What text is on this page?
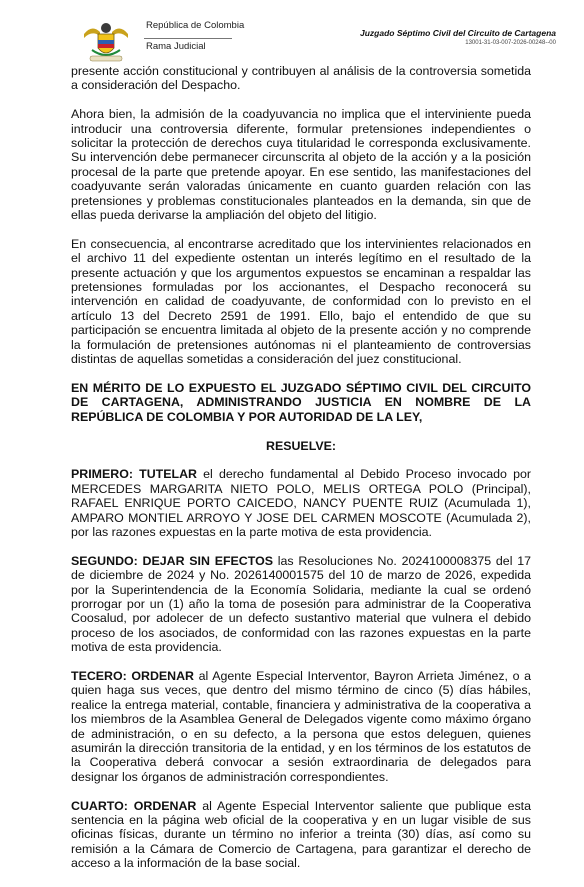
República de Colombia
Rama Judicial
Juzgado Séptimo Civil del Circuito de Cartagena
13001-31-03-007-2026-00248--00

presente acción constitucional y contribuyen al análisis de la controversia sometida a consideración del Despacho.

Ahora bien, la admisión de la coadyuvancia no implica que el interviniente pueda introducir una controversia diferente, formular pretensiones independientes o solicitar la protección de derechos cuya titularidad le corresponda exclusivamente. Su intervención debe permanecer circunscrita al objeto de la acción y a la posición procesal de la parte que pretende apoyar. En ese sentido, las manifestaciones del coadyuvante serán valoradas únicamente en cuanto guarden relación con las pretensiones y problemas constitucionales planteados en la demanda, sin que de ellas pueda derivarse la ampliación del objeto del litigio.

En consecuencia, al encontrarse acreditado que los intervinientes relacionados en el archivo 11 del expediente ostentan un interés legítimo en el resultado de la presente actuación y que los argumentos expuestos se encaminan a respaldar las pretensiones formuladas por los accionantes, el Despacho reconocerá su intervención en calidad de coadyuvante, de conformidad con lo previsto en el artículo 13 del Decreto 2591 de 1991. Ello, bajo el entendido de que su participación se encuentra limitada al objeto de la presente acción y no comprende la formulación de pretensiones autónomas ni el planteamiento de controversias distintas de aquellas sometidas a consideración del juez constitucional.

EN MÉRITO DE LO EXPUESTO EL JUZGADO SÉPTIMO CIVIL DEL CIRCUITO DE CARTAGENA, ADMINISTRANDO JUSTICIA EN NOMBRE DE LA REPÚBLICA DE COLOMBIA Y POR AUTORIDAD DE LA LEY,

RESUELVE:

PRIMERO: TUTELAR el derecho fundamental al Debido Proceso invocado por MERCEDES MARGARITA NIETO POLO, MELIS ORTEGA POLO (Principal), RAFAEL ENRIQUE PORTO CAICEDO, NANCY PUENTE RUIZ (Acumulada 1), AMPARO MONTIEL ARROYO Y JOSE DEL CARMEN MOSCOTE (Acumulada 2), por las razones expuestas en la parte motiva de esta providencia.

SEGUNDO: DEJAR SIN EFECTOS las Resoluciones No. 2024100008375 del 17 de diciembre de 2024 y No. 2026140001575 del 10 de marzo de 2026, expedida por la Superintendencia de la Economía Solidaria, mediante la cual se ordenó prorrogar por un (1) año la toma de posesión para administrar de la Cooperativa Coosalud, por adolecer de un defecto sustantivo material que vulnera el debido proceso de los asociados, de conformidad con las razones expuestas en la parte motiva de esta providencia.

TECERO: ORDENAR al Agente Especial Interventor, Bayron Arrieta Jiménez, o a quien haga sus veces, que dentro del mismo término de cinco (5) días hábiles, realice la entrega material, contable, financiera y administrativa de la cooperativa a los miembros de la Asamblea General de Delegados vigente como máximo órgano de administración, o en su defecto, a la persona que estos deleguen, quienes asumirán la dirección transitoria de la entidad, y en los términos de los estatutos de la Cooperativa deberá convocar a sesión extraordinaria de delegados para designar los órganos de administración correspondientes.

CUARTO: ORDENAR al Agente Especial Interventor saliente que publique esta sentencia en la página web oficial de la cooperativa y en un lugar visible de sus oficinas físicas, durante un término no inferior a treinta (30) días, así como su remisión a la Cámara de Comercio de Cartagena, para garantizar el derecho de acceso a la información de la base social.
